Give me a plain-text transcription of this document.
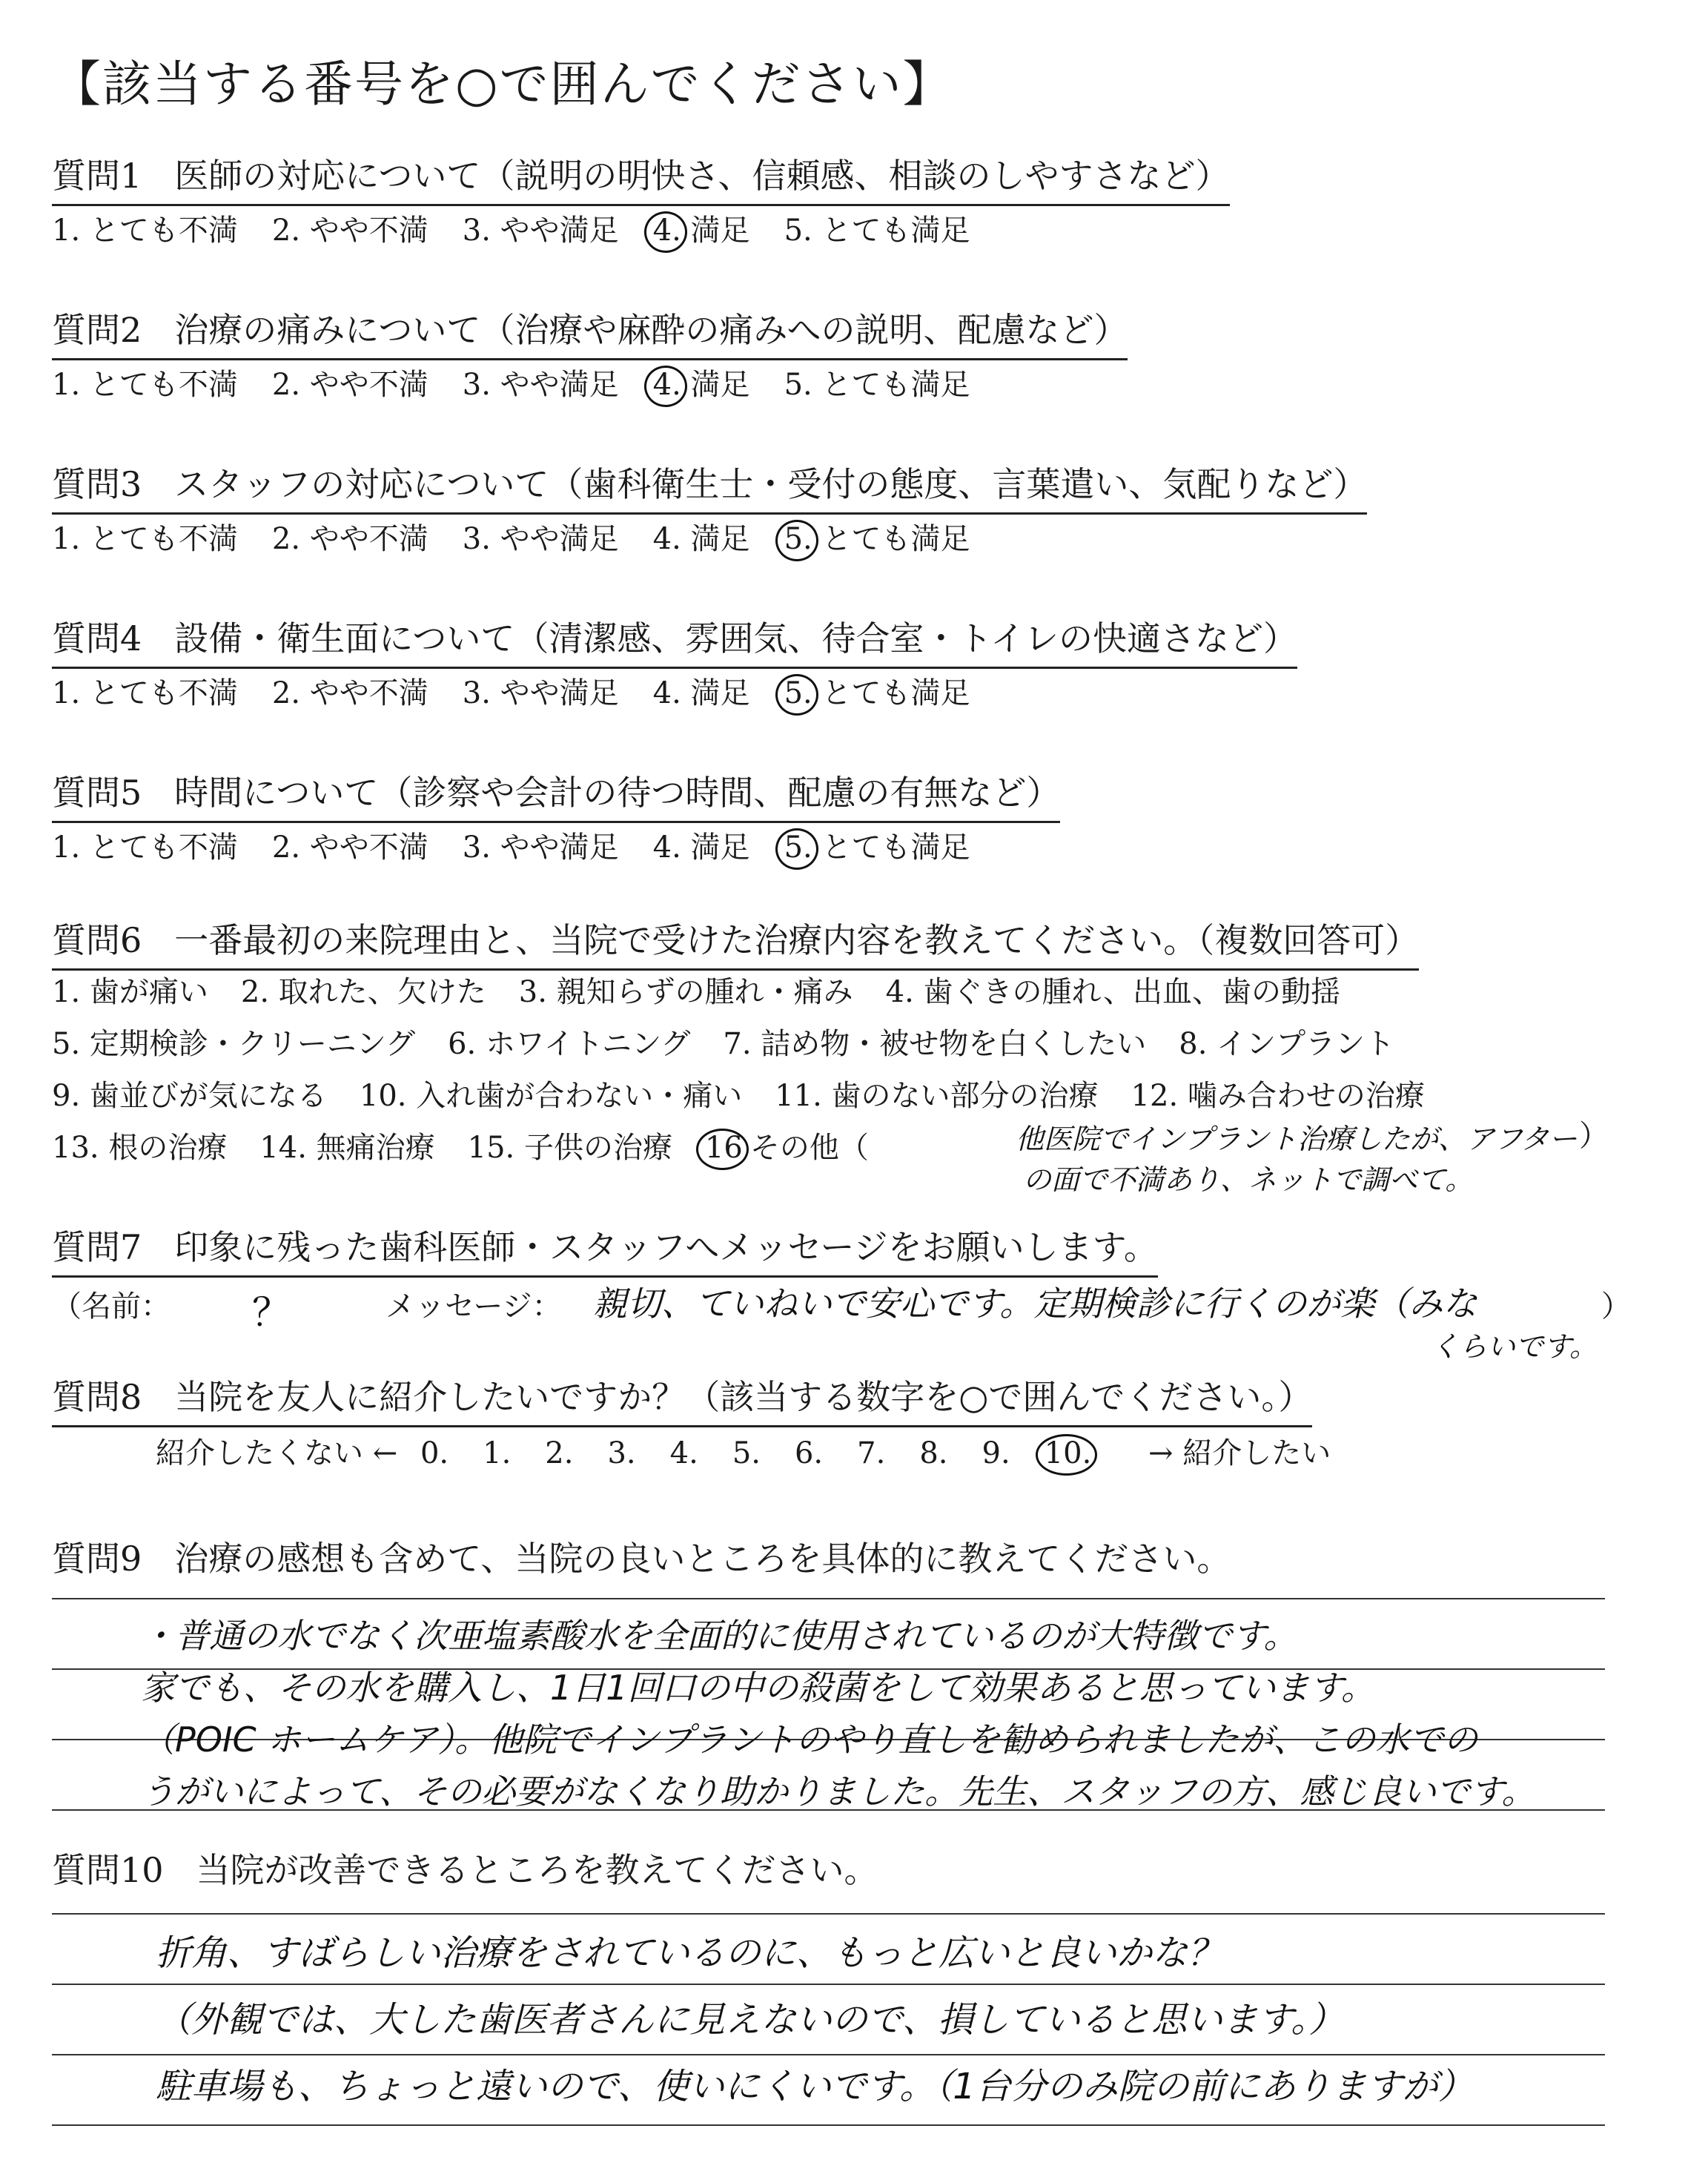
【該当する番号を○で囲んでください】
質問1 医師の対応について（説明の明快さ、信頼感、相談のしやすさなど）
1. とても不満 2. やや不満 3. やや満足 4. 満足 5. とても満足
質問2 治療の痛みについて（治療や麻酔の痛みへの説明、配慮など）
1. とても不満 2. やや不満 3. やや満足 4. 満足 5. とても満足
質問3 スタッフの対応について（歯科衛生士・受付の態度、言葉遣い、気配りなど）
1. とても不満 2. やや不満 3. やや満足 4. 満足 5. とても満足
質問4 設備・衛生面について（清潔感、雰囲気、待合室・トイレの快適さなど）
1. とても不満 2. やや不満 3. やや満足 4. 満足 5. とても満足
質問5 時間について（診察や会計の待つ時間、配慮の有無など）
1. とても不満 2. やや不満 3. やや満足 4. 満足 5. とても満足
質問6 一番最初の来院理由と、当院で受けた治療内容を教えてください。（複数回答可）
1. 歯が痛い 2. 取れた、欠けた 3. 親知らずの腫れ・痛み 4. 歯ぐきの腫れ、出血、歯の動揺
5. 定期検診・クリーニング 6. ホワイトニング 7. 詰め物・被せ物を白くしたい 8. インプラント
9. 歯並びが気になる 10. 入れ歯が合わない・痛い 11. 歯のない部分の治療 12. 噛み合わせの治療
13. 根の治療 14. 無痛治療 15. 子供の治療 16 その他（	他医院でインプラント治療したが、アフター
の面で不満あり、ネットで調べて。
質問7 印象に残った歯科医師・スタッフへメッセージをお願いします。
（名前： ？	メッセージ： 親切、ていねいで安心です。定期検診に行くのが楽（みな
くらいです。
）
質問8 当院を友人に紹介したいですか？（該当する数字を○で囲んでください。）
紹介したくない ← 0. 1. 2. 3. 4. 5. 6. 7. 8. 9. 10. → 紹介したい
質問9 治療の感想も含めて、当院の良いところを具体的に教えてください。
・普通の水でなく次亜塩素酸水を全面的に使用されているのが大特徴です。
家でも、その水を購入し、1日1回口の中の殺菌をして効果あると思っています。
（POIC ホームケア）。他院でインプラントのやり直しを勧められましたが、この水での
うがいによって、その必要がなくなり助かりました。先生、スタッフの方、感じ良いです。
質問10 当院が改善できるところを教えてください。
折角、すばらしい治療をされているのに、もっと広いと良いかな？
（外観では、大した歯医者さんに見えないので、損していると思います。）
駐車場も、ちょっと遠いので、使いにくいです。（1台分のみ院の前にありますが）
）
